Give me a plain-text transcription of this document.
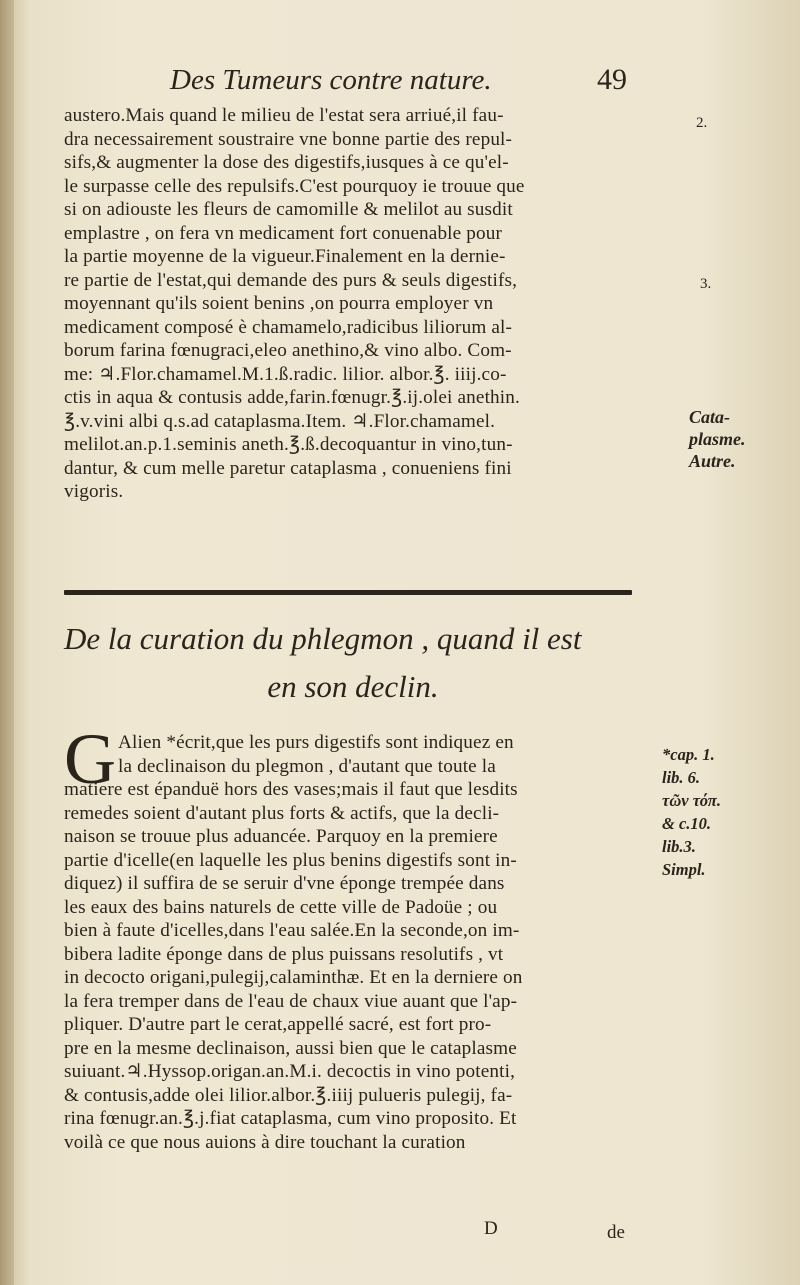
Des Tumeurs contre nature.	49
austero.Mais quand le milieu de l'estat sera arriué,il fau-
dra necessairement soustraire vne bonne partie des repul-
sifs,& augmenter la dose des digestifs,iusques à ce qu'el-
le surpasse celle des repulsifs.C'est pourquoy ie trouue que
si on adiouste les fleurs de camomille & melilot au susdit
emplastre , on fera vn medicament fort conuenable pour
la partie moyenne de la vigueur.Finalement en la dernie-
re partie de l'estat,qui demande des purs & seuls digestifs,
moyennant qu'ils soient benins ,on pourra employer vn
medicament composé è chamamelo,radicibus liliorum al-
borum farina fœnugraci,eleo anethino,& vino albo. Com-
me: ♃.Flor.chamamel.M.1.ß.radic. lilior. albor.℥. iiij.co-
ctis in aqua & contusis adde,farin.fœnugr.℥.ij.olei anethin.
℥.v.vini albi q.s.ad cataplasma.Item. ♃.Flor.chamamel.
melilot.an.p.1.seminis aneth.℥.ß.decoquantur in vino,tun-
dantur, & cum melle paretur cataplasma , conueniens fini
vigoris.
De la curation du phlegmon , quand il est
en son declin.
G Alien *écrit,que les purs digestifs sont indiquez en
la declinaison du plegmon , d'autant que toute la
matiere est épanduë hors des vases;mais il faut que lesdits
remedes soient d'autant plus forts & actifs, que la decli-
naison se trouue plus aduancée. Parquoy en la premiere
partie d'icelle(en laquelle les plus benins digestifs sont in-
diquez) il suffira de se seruir d'vne éponge trempée dans
les eaux des bains naturels de cette ville de Padoüe ; ou
bien à faute d'icelles,dans l'eau salée.En la seconde,on im-
bibera ladite éponge dans de plus puissans resolutifs , vt
in decocto origani,pulegij,calaminthæ. Et en la derniere on
la fera tremper dans de l'eau de chaux viue auant que l'ap-
pliquer. D'autre part le cerat,appellé sacré, est fort pro-
pre en la mesme declinaison, aussi bien que le cataplasme
suiuant.♃.Hyssop.origan.an.M.i. decoctis in vino potenti,
& contusis,adde olei lilior.albor.℥.iiij pulueris pulegij, fa-
rina fœnugr.an.℥.j.fiat cataplasma, cum vino proposito. Et
voilà ce que nous auions à dire touchant la curation
2.
3.
Cata-
plasme.
Autre.
*cap. 1.
lib. 6.
τῶν τόπ.
& c.10.
lib.3.
Simpl.
D	de
